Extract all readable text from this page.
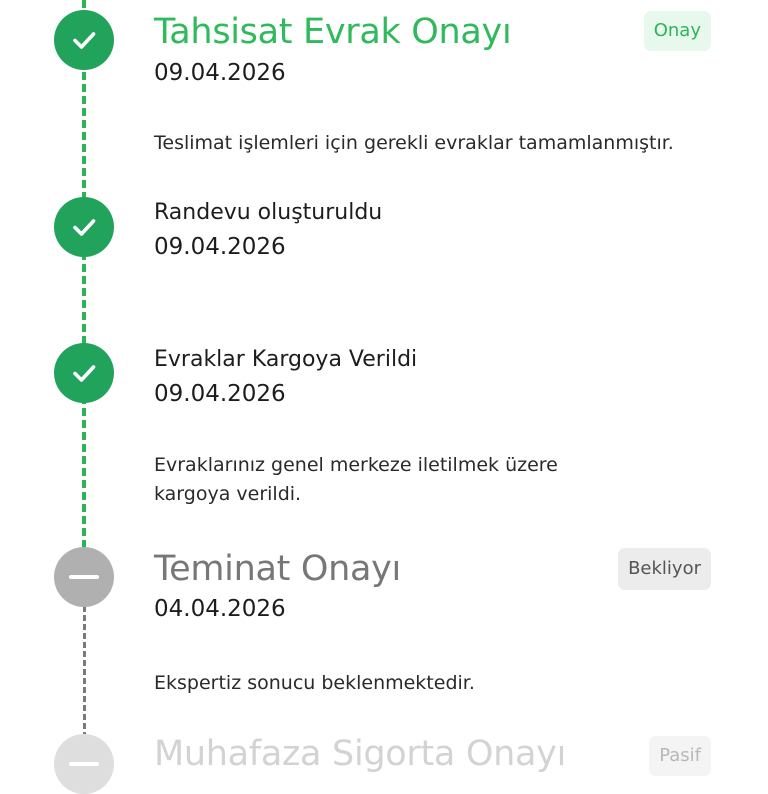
Tahsisat Evrak Onayı	Onay
09.04.2026
Teslimat işlemleri için gerekli evraklar tamamlanmıştır.
Randevu oluşturuldu
09.04.2026
Evraklar Kargoya Verildi
09.04.2026
Evraklarınız genel merkeze iletilmek üzere kargoya verildi.
Teminat Onayı	Bekliyor
04.04.2026
Ekspertiz sonucu beklenmektedir.
Muhafaza Sigorta Onayı	Pasif
